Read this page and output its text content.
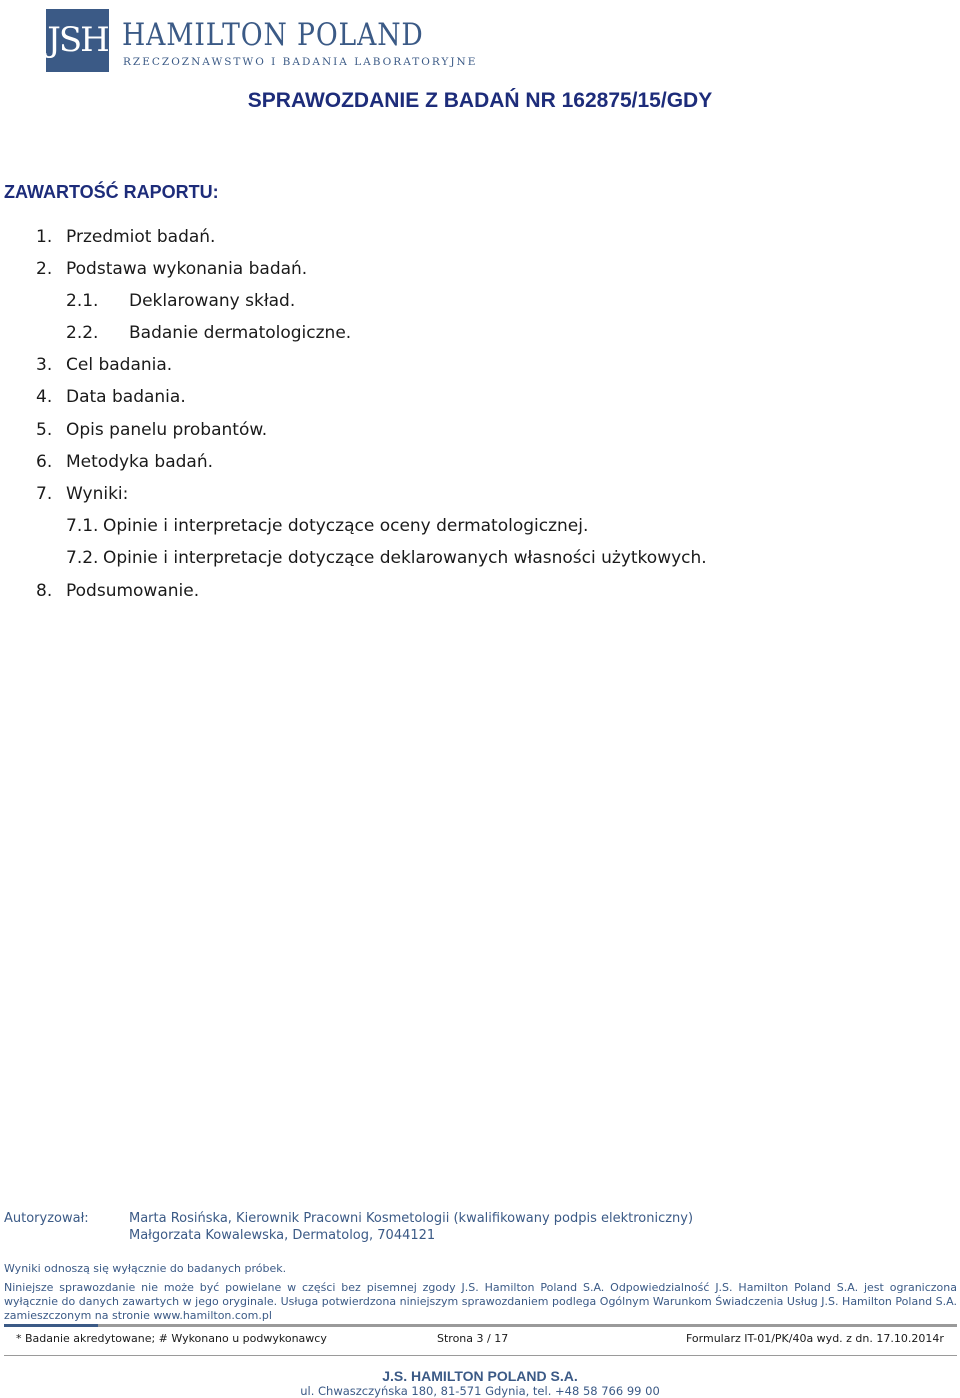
JSH HAMILTON POLAND
RZECZOZNAWSTWO I BADANIA LABORATORYJNE
SPRAWOZDANIE Z BADAŃ NR 162875/15/GDY
ZAWARTOŚĆ RAPORTU:
1. Przedmiot badań.
2. Podstawa wykonania badań.
2.1. Deklarowany skład.
2.2. Badanie dermatologiczne.
3. Cel badania.
4. Data badania.
5. Opis panelu probantów.
6. Metodyka badań.
7. Wyniki:
7.1. Opinie i interpretacje dotyczące oceny dermatologicznej.
7.2. Opinie i interpretacje dotyczące deklarowanych własności użytkowych.
8. Podsumowanie.
Autoryzował:	Marta Rosińska, Kierownik Pracowni Kosmetologii (kwalifikowany podpis elektroniczny)
Małgorzata Kowalewska, Dermatolog, 7044121
Wyniki odnoszą się wyłącznie do badanych próbek.
Niniejsze sprawozdanie nie może być powielane w części bez pisemnej zgody J.S. Hamilton Poland S.A. Odpowiedzialność J.S. Hamilton Poland S.A. jest ograniczona wyłącznie do danych zawartych w jego oryginale. Usługa potwierdzona niniejszym sprawozdaniem podlega Ogólnym Warunkom Świadczenia Usług J.S. Hamilton Poland S.A. zamieszczonym na stronie www.hamilton.com.pl
* Badanie akredytowane; # Wykonano u podwykonawcy	Strona 3 / 17	Formularz IT-01/PK/40a wyd. z dn. 17.10.2014r
J.S. HAMILTON POLAND S.A.
ul. Chwaszczyńska 180, 81-571 Gdynia, tel. +48 58 766 99 00
